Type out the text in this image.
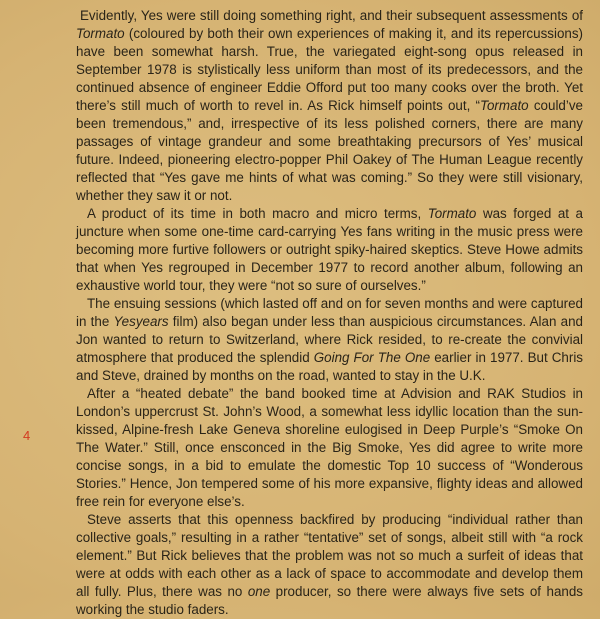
4

Evidently, Yes were still doing something right, and their subsequent assessments of Tormato (coloured by both their own experiences of making it, and its repercussions) have been somewhat harsh. True, the variegated eight-song opus released in September 1978 is stylistically less uniform than most of its predecessors, and the continued absence of engineer Eddie Offord put too many cooks over the broth. Yet there’s still much of worth to revel in. As Rick himself points out, “Tormato could’ve been tremendous,” and, irrespective of its less polished corners, there are many passages of vintage grandeur and some breathtaking precursors of Yes’ musical future. Indeed, pioneering electro-popper Phil Oakey of The Human League recently reflected that “Yes gave me hints of what was coming.” So they were still visionary, whether they saw it or not.

A product of its time in both macro and micro terms, Tormato was forged at a juncture when some one-time card-carrying Yes fans writing in the music press were becoming more furtive followers or outright spiky-haired skeptics. Steve Howe admits that when Yes regrouped in December 1977 to record another album, following an exhaustive world tour, they were “not so sure of ourselves.”

The ensuing sessions (which lasted off and on for seven months and were captured in the Yesyears film) also began under less than auspicious circumstances. Alan and Jon wanted to return to Switzerland, where Rick resided, to re-create the convivial atmosphere that produced the splendid Going For The One earlier in 1977. But Chris and Steve, drained by months on the road, wanted to stay in the U.K.

After a “heated debate” the band booked time at Advision and RAK Studios in London’s uppercrust St. John’s Wood, a somewhat less idyllic location than the sun-kissed, Alpine-fresh Lake Geneva shoreline eulogised in Deep Purple’s “Smoke On The Water.” Still, once ensconced in the Big Smoke, Yes did agree to write more concise songs, in a bid to emulate the domestic Top 10 success of “Wonderous Stories.” Hence, Jon tempered some of his more expansive, flighty ideas and allowed free rein for everyone else’s.

Steve asserts that this openness backfired by producing “individual rather than collective goals,” resulting in a rather “tentative” set of songs, albeit still with “a rock element.” But Rick believes that the problem was not so much a surfeit of ideas that were at odds with each other as a lack of space to accommodate and develop them all fully. Plus, there was no one producer, so there were always five sets of hands working the studio faders.
